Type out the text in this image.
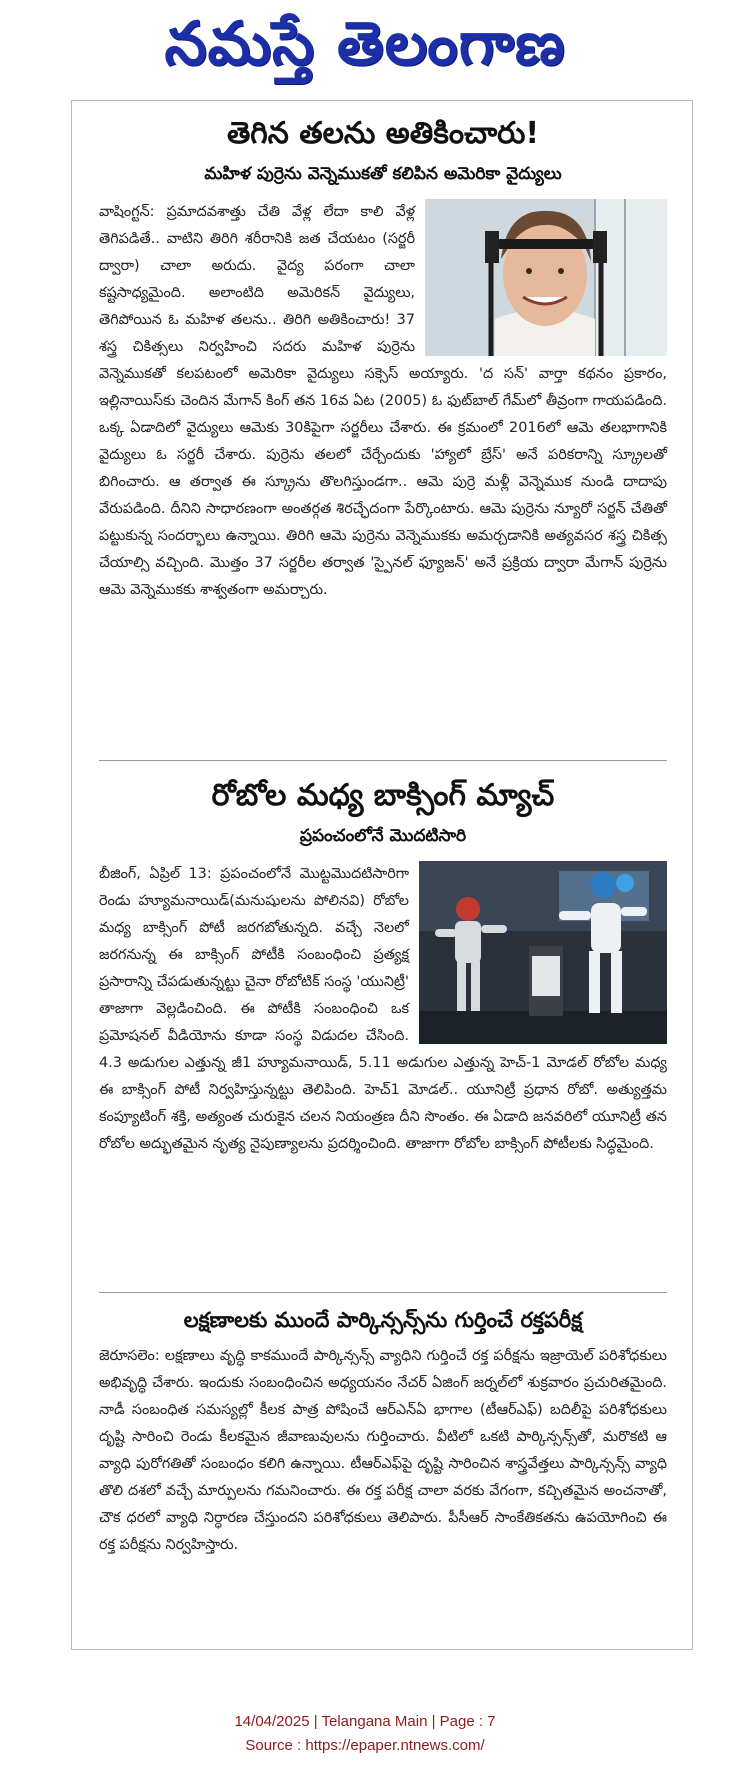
నమస్తే తెలంగాణ
తెగిన తలను అతికించారు!
మహిళ పుర్రెను వెన్నెముకతో కలిపిన అమెరికా వైద్యులు

వాషింగ్టన్: ప్రమాదవశాత్తు చేతి వేళ్ల లేదా కాలి వేళ్ల తెగిపడితే.. వాటిని తిరిగి శరీరానికి జత చేయటం (సర్జరీ ద్వారా) చాలా అరుదు. వైద్య పరంగా చాలా కష్టసాధ్యమైంది. అలాంటిది అమెరికన్ వైద్యులు, తెగిపోయిన ఓ మహిళ తలను.. తిరిగి అతికించారు! 37 శస్త్ర చికిత్సలు నిర్వహించి సదరు మహిళ పుర్రెను వెన్నెముకతో కలపటంలో అమెరికా వైద్యులు సక్సెస్ అయ్యారు. 'ద సన్' వార్తా కథనం ప్రకారం, ఇల్లినాయిస్‌కు చెందిన మేగాన్ కింగ్ తన 16వ ఏట (2005) ఓ ఫుట్‌బాల్ గేమ్‌లో తీవ్రంగా గాయపడింది. ఒక్క ఏడాదిలో వైద్యులు ఆమెకు 30కిపైగా సర్జరీలు చేశారు. ఈ క్రమంలో 2016లో ఆమె తలభాగానికి వైద్యులు ఓ సర్జరీ చేశారు. పుర్రెను తలలో చేర్చేందుకు 'హ్యాలో బ్రేస్' అనే పరికరాన్ని స్క్రూలతో బిగించారు. ఆ తర్వాత ఈ స్క్రూను తొలగిస్తుండగా.. ఆమె పుర్రె మళ్లీ వెన్నెముక నుండి దాదాపు వేరుపడింది. దీనిని సాధారణంగా అంతర్గత శిరచ్ఛేదంగా పేర్కొంటారు. ఆమె పుర్రెను న్యూరో సర్జన్ చేతితో పట్టుకున్న సందర్భాలు ఉన్నాయి. తిరిగి ఆమె పుర్రెను వెన్నెముకకు అమర్చడానికి అత్యవసర శస్త్ర చికిత్స చేయాల్సి వచ్చింది. మొత్తం 37 సర్జరీల తర్వాత 'స్పైనల్ ఫ్యూజన్' అనే ప్రక్రియ ద్వారా మేగాన్ పుర్రెను ఆమె వెన్నెముకకు శాశ్వతంగా అమర్చారు.

రోబోల మధ్య బాక్సింగ్ మ్యాచ్
ప్రపంచంలోనే మొదటిసారి

బీజింగ్, ఏప్రిల్ 13: ప్రపంచంలోనే మొట్టమొదటిసారిగా రెండు హ్యూమనాయిడ్(మనుషులను పోలినవి) రోబోల మధ్య బాక్సింగ్ పోటీ జరగబోతున్నది. వచ్చే నెలలో జరగనున్న ఈ బాక్సింగ్ పోటీకి సంబంధించి ప్రత్యక్ష ప్రసారాన్ని చేపడుతున్నట్టు చైనా రోబోటిక్ సంస్థ 'యునిట్రీ' తాజాగా వెల్లడించింది. ఈ పోటీకి సంబంధించి ఒక ప్రమోషనల్ వీడియోను కూడా సంస్థ విడుదల చేసింది. 4.3 అడుగుల ఎత్తున్న జీ1 హ్యూమనాయిడ్, 5.11 అడుగుల ఎత్తున్న హెచ్-1 మోడల్ రోబోల మధ్య ఈ బాక్సింగ్ పోటీ నిర్వహిస్తున్నట్టు తెలిపింది. హెచ్1 మోడల్.. యూనిట్రీ ప్రధాన రోబో. అత్యుత్తమ కంప్యూటింగ్ శక్తి, అత్యంత చురుకైన చలన నియంత్రణ దీని సొంతం. ఈ ఏడాది జనవరిలో యూనిట్రీ తన రోబోల అద్భుతమైన నృత్య నైపుణ్యాలను ప్రదర్శించింది. తాజాగా రోబోల బాక్సింగ్ పోటీలకు సిద్ధమైంది.

లక్షణాలకు ముందే పార్కిన్సన్స్‌ను గుర్తించే రక్తపరీక్ష

జెరూసలెం: లక్షణాలు వృద్ధి కాకముందే పార్కిన్సన్స్ వ్యాధిని గుర్తించే రక్త పరీక్షను ఇజ్రాయెల్ పరిశోధకులు అభివృద్ధి చేశారు. ఇందుకు సంబంధించిన అధ్యయనం నేచర్ ఏజింగ్ జర్నల్‌లో శుక్రవారం ప్రచురితమైంది. నాడీ సంబంధిత సమస్యల్లో కీలక పాత్ర పోషించే ఆర్‌ఎన్‌ఏ భాగాల (టీఆర్‌ఎఫ్) బదిలీపై పరిశోధకులు దృష్టి సారించి రెండు కీలకమైన జీవాణువులను గుర్తించారు. వీటిలో ఒకటి పార్కిన్సన్స్‌తో, మరొకటి ఆ వ్యాధి పురోగతితో సంబంధం కలిగి ఉన్నాయి. టీఆర్‌ఎఫ్‌పై దృష్టి సారించిన శాస్త్రవేత్తలు పార్కిన్సన్స్ వ్యాధి తొలి దశలో వచ్చే మార్పులను గమనించారు. ఈ రక్త పరీక్ష చాలా వరకు వేగంగా, కచ్చితమైన అంచనాతో, చౌక ధరలో వ్యాధి నిర్ధారణ చేస్తుందని పరిశోధకులు తెలిపారు. పీసీఆర్ సాంకేతికతను ఉపయోగించి ఈ రక్త పరీక్షను నిర్వహిస్తారు.

14/04/2025 | Telangana Main | Page : 7
Source : https://epaper.ntnews.com/
